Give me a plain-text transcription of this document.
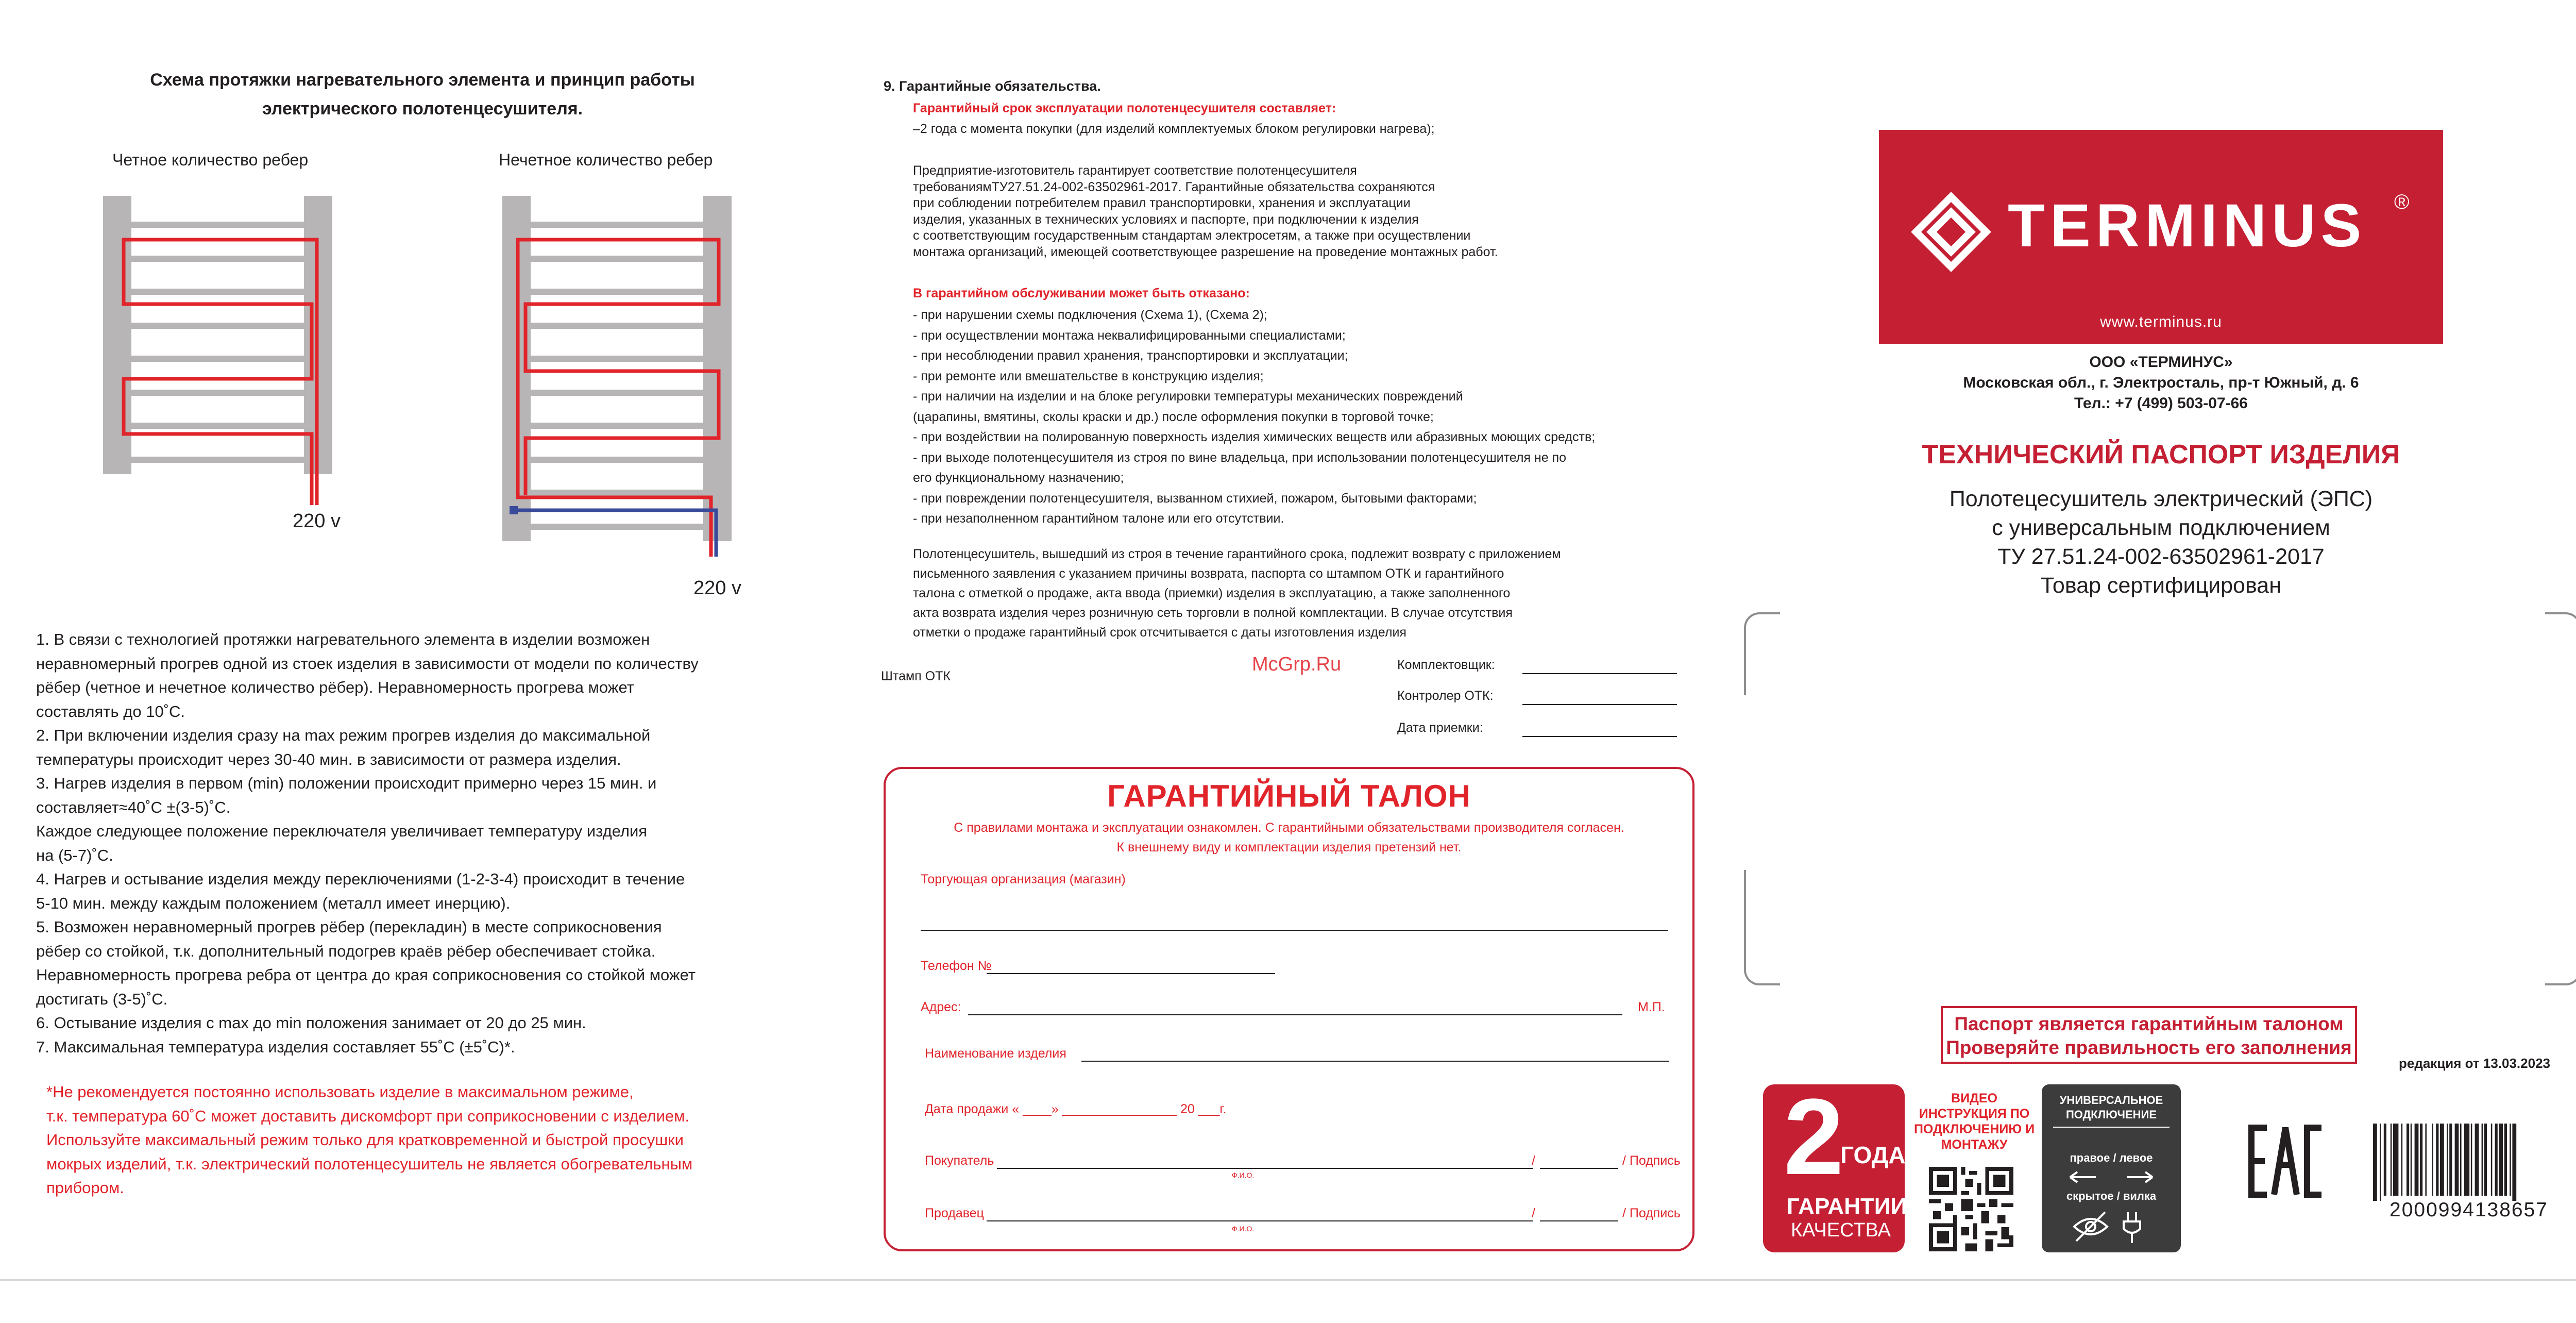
Схема протяжки нагревательного элемента и принцип работы
электрического полотенцесушителя.
Четное количество ребер	Нечетное количество ребер
220 v
220 v
1. В связи с технологией протяжки нагревательного элемента в изделии возможен
неравномерный прогрев одной из стоек изделия в зависимости от модели по количеству
рёбер (четное и нечетное количество рёбер). Неравномерность прогрева может
составлять до 10˚С.
2. При включении изделия сразу на max режим прогрев изделия до максимальной
температуры происходит через 30-40 мин. в зависимости от размера изделия.
3. Нагрев изделия в первом (min) положении происходит примерно через 15 мин. и
составляет≈40˚С ±(3-5)˚С.
Каждое следующее положение переключателя увеличивает температуру изделия
на (5-7)˚С.
4. Нагрев и остывание изделия между переключениями (1-2-3-4) происходит в течение
5-10 мин. между каждым положением (металл имеет инерцию).
5. Возможен неравномерный прогрев рёбер (перекладин) в месте соприкосновения
рёбер со стойкой, т.к. дополнительный подогрев краёв рёбер обеспечивает стойка.
Неравномерность прогрева ребра от центра до края соприкосновения со стойкой может
достигать (3-5)˚С.
6. Остывание изделия с max до min положения занимает от 20 до 25 мин.
7. Максимальная температура изделия составляет 55˚С (±5˚С)*.
*Не рекомендуется постоянно использовать изделие в максимальном режиме,
т.к. температура 60˚С может доставить дискомфорт при соприкосновении с изделием.
Используйте максимальный режим только для кратковременной и быстрой просушки
мокрых изделий, т.к. электрический полотенцесушитель не является обогревательным
прибором.
9. Гарантийные обязательства.
Гарантийный срок эксплуатации полотенцесушителя составляет:
–2 года с момента покупки (для изделий комплектуемых блоком регулировки нагрева);
Предприятие-изготовитель гарантирует соответствие полотенцесушителя
требованиямТУ27.51.24-002-63502961-2017. Гарантийные обязательства сохраняются
при соблюдении потребителем правил транспортировки, хранения и эксплуатации
изделия, указанных в технических условиях и паспорте, при подключении к изделия
с соответствующим государственным стандартам электросетям, а также при осуществлении
монтажа организаций, имеющей соответствующее разрешение на проведение монтажных работ.
В гарантийном обслуживании может быть отказано:
- при нарушении схемы подключения (Схема 1), (Схема 2);
- при осуществлении монтажа неквалифицированными специалистами;
- при несоблюдении правил хранения, транспортировки и эксплуатации;
- при ремонте или вмешательстве в конструкцию изделия;
- при наличии на изделии и на блоке регулировки температуры механических повреждений
(царапины, вмятины, сколы краски и др.) после оформления покупки в торговой точке;
- при воздействии на полированную поверхность изделия химических веществ или абразивных моющих средств;
- при выходе полотенцесушителя из строя по вине владельца, при использовании полотенцесушителя не по
его функциональному назначению;
- при повреждении полотенцесушителя, вызванном стихией, пожаром, бытовыми факторами;
- при незаполненном гарантийном талоне или его отсутствии.
Полотенцесушитель, вышедший из строя в течение гарантийного срока, подлежит возврату с приложением
письменного заявления с указанием причины возврата, паспорта со штампом ОТК и гарантийного
талона с отметкой о продаже, акта ввода (приемки) изделия в эксплуатацию, а также заполненного
акта возврата изделия через розничную сеть торговли в полной комплектации. В случае отсутствия
отметки о продаже гарантийный срок отсчитывается с даты изготовления изделия
Штамп ОТК
McGrp.Ru	Комплектовщик:
Контролер ОТК:
Дата приемки:
ГАРАНТИЙНЫЙ ТАЛОН
С правилами монтажа и эксплуатации ознакомлен. С гарантийными обязательствами производителя согласен.
К внешнему виду и комплектации изделия претензий нет.
Торгующая организация (магазин)
Телефон №
Адрес:	М.П.
Наименование изделия
Дата продажи « ____» ________________ 20 ___г.
Покупатель	/	/ Подпись
Ф.И.О.
Продавец	/	/ Подпись
Ф.И.О.
TERMINUS ®
www.terminus.ru
ООО «ТЕРМИНУС»
Московская обл., г. Электросталь, пр-т Южный, д. 6
Тел.: +7 (499) 503-07-66
ТЕХНИЧЕСКИЙ ПАСПОРТ ИЗДЕЛИЯ
Полотецесушитель электрический (ЭПС)
с универсальным подключением
ТУ 27.51.24-002-63502961-2017
Товар сертифицирован
Паспорт является гарантийным талоном
Проверяйте правильность его заполнения
редакция от 13.03.2023
2
ГОДА
ГАРАНТИИ
КАЧЕСТВА
ВИДЕО ИНСТРУКЦИЯ ПО ПОДКЛЮЧЕНИЮ И МОНТАЖУ
УНИВЕРСАЛЬНОЕ
ПОДКЛЮЧЕНИЕ
правое / левое
скрытое / вилка
2000994138657
